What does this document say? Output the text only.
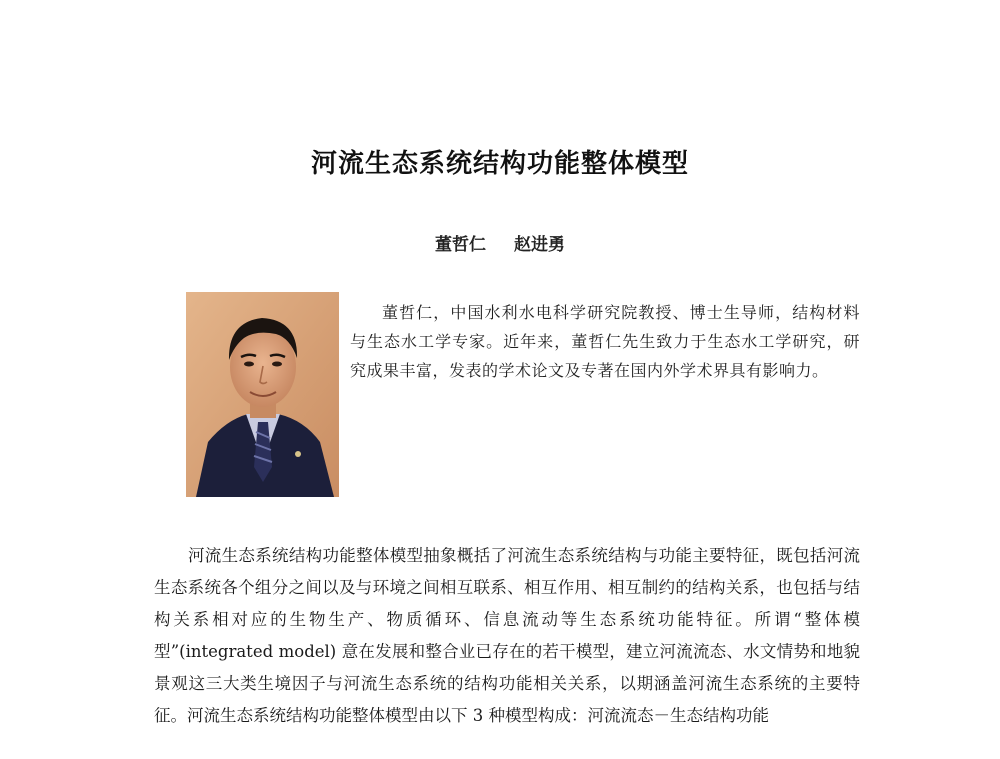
河流生态系统结构功能整体模型
董哲仁 赵进勇

董哲仁，中国水利水电科学研究院教授、博士生导师，结构材料与生态水工学专家。近年来，董哲仁先生致力于生态水工学研究，研究成果丰富，发表的学术论文及专著在国内外学术界具有影响力。

河流生态系统结构功能整体模型抽象概括了河流生态系统结构与功能主要特征，既包括河流生态系统各个组分之间以及与环境之间相互联系、相互作用、相互制约的结构关系，也包括与结构关系相对应的生物生产、物质循环、信息流动等生态系统功能特征。所谓“整体模型”(integrated model) 意在发展和整合业已存在的若干模型，建立河流流态、水文情势和地貌景观这三大类生境因子与河流生态系统的结构功能相关关系，以期涵盖河流生态系统的主要特征。河流生态系统结构功能整体模型由以下 3 种模型构成：河流流态－生态结构功能
